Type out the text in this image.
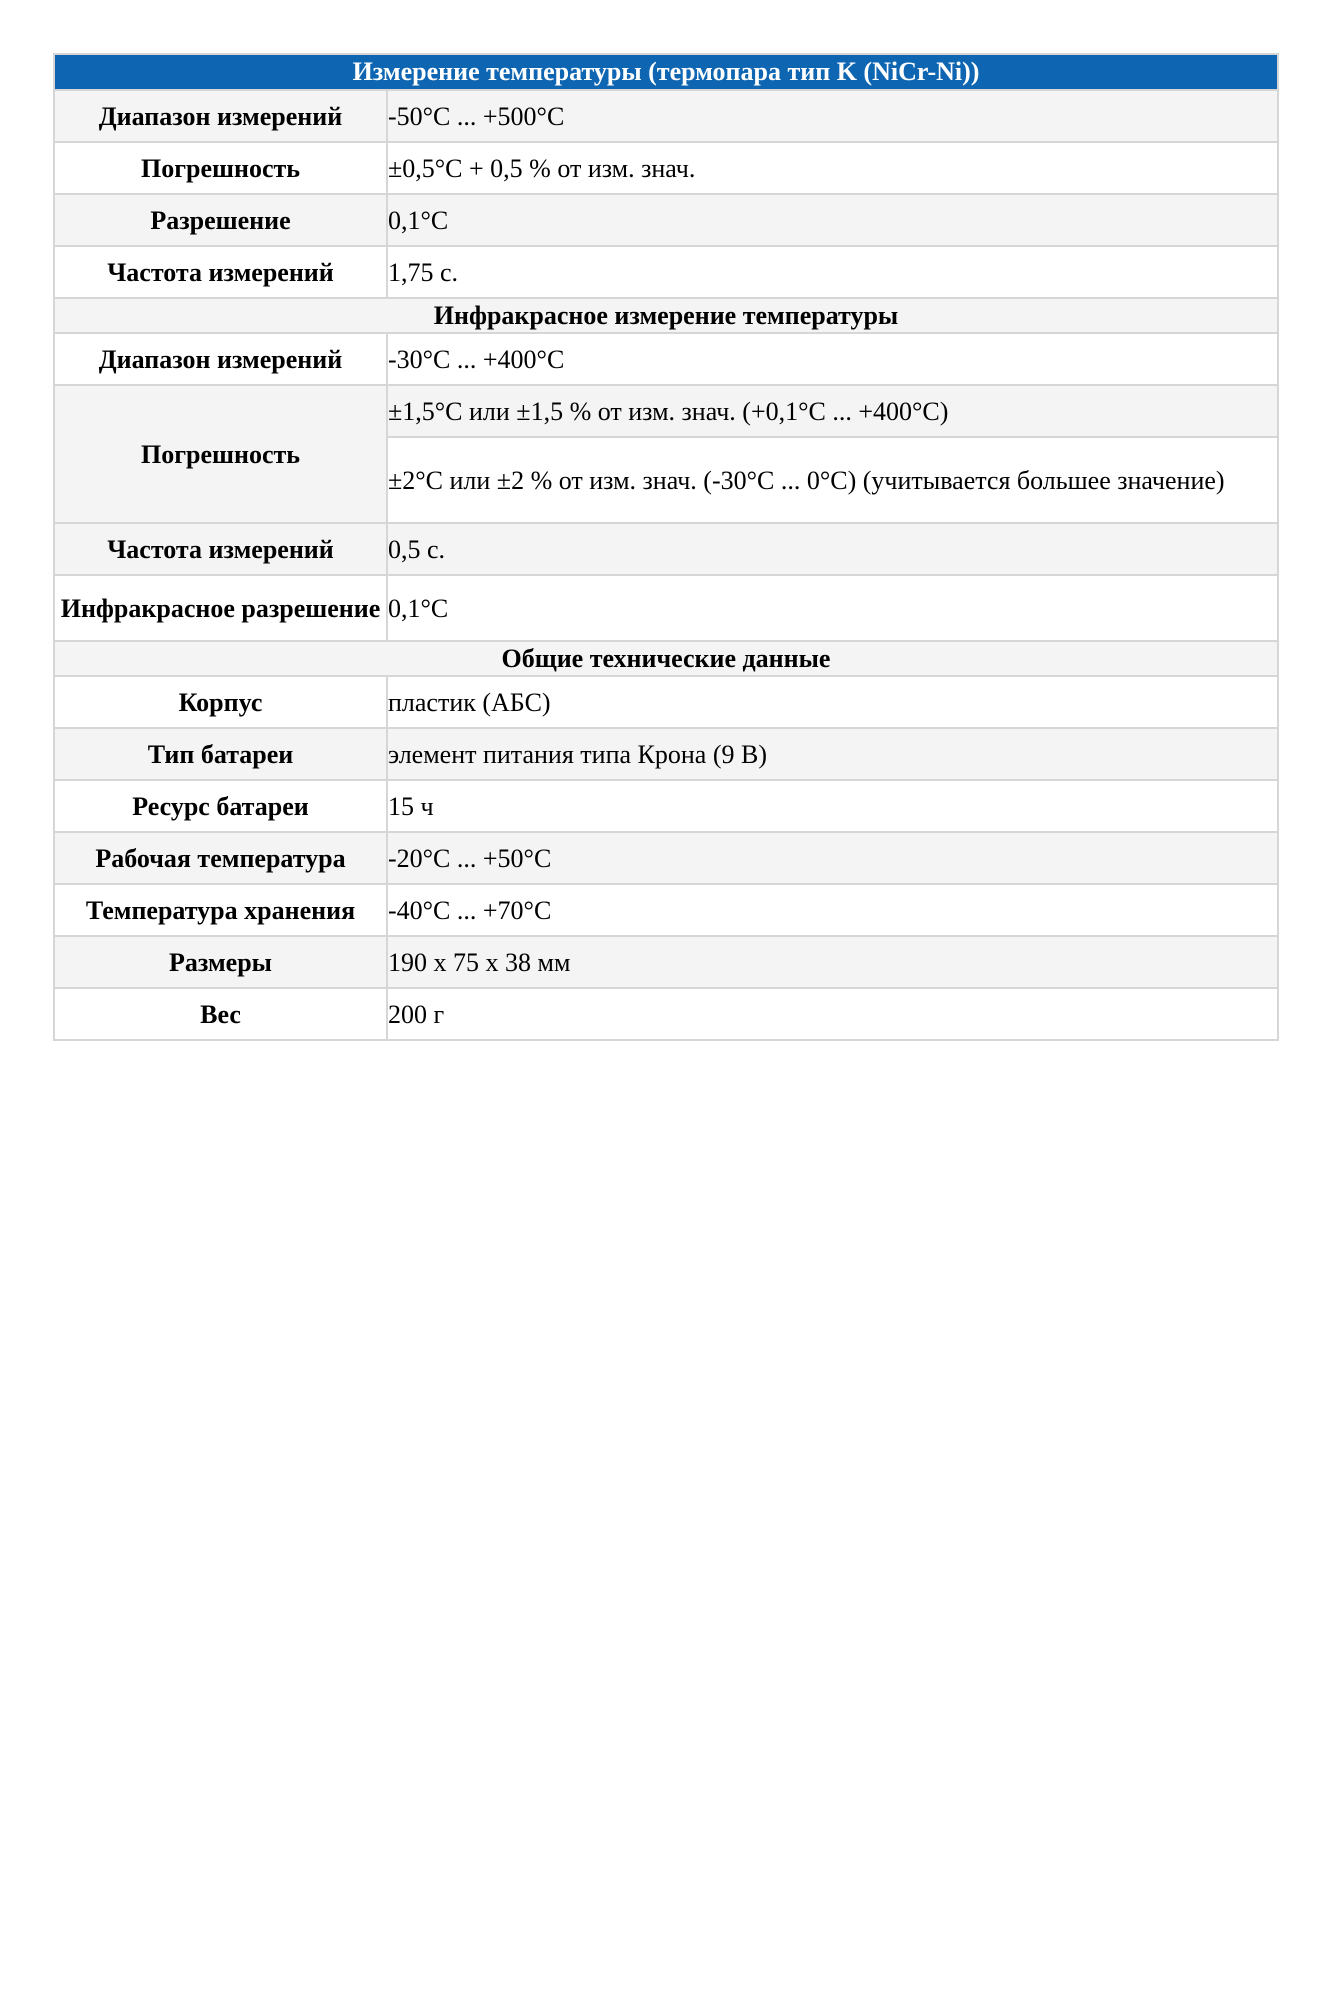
Измерение температуры (термопара тип K (NiCr-Ni))	
Диапазон измерений	-50°C ... +500°C
Погрешность	±0,5°C + 0,5 % от изм. знач.
Разрешение	0,1°C
Частота измерений	1,75 с.
Инфракрасное измерение температуры	
Диапазон измерений	-30°C ... +400°C
Погрешность	±1,5°C или ±1,5 % от изм. знач. (+0,1°C ... +400°C)
	±2°C или ±2 % от изм. знач. (-30°C ... 0°C) (учитывается большее значение)
Частота измерений	0,5 с.
Инфракрасное разрешение	0,1°C
Общие технические данные	
Корпус	пластик (АБС)
Тип батареи	элемент питания типа Крона (9 В)
Ресурс батареи	15 ч
Рабочая температура	-20°C ... +50°C
Температура хранения	-40°C ... +70°C
Размеры	190 x 75 x 38 мм
Вес	200 г
